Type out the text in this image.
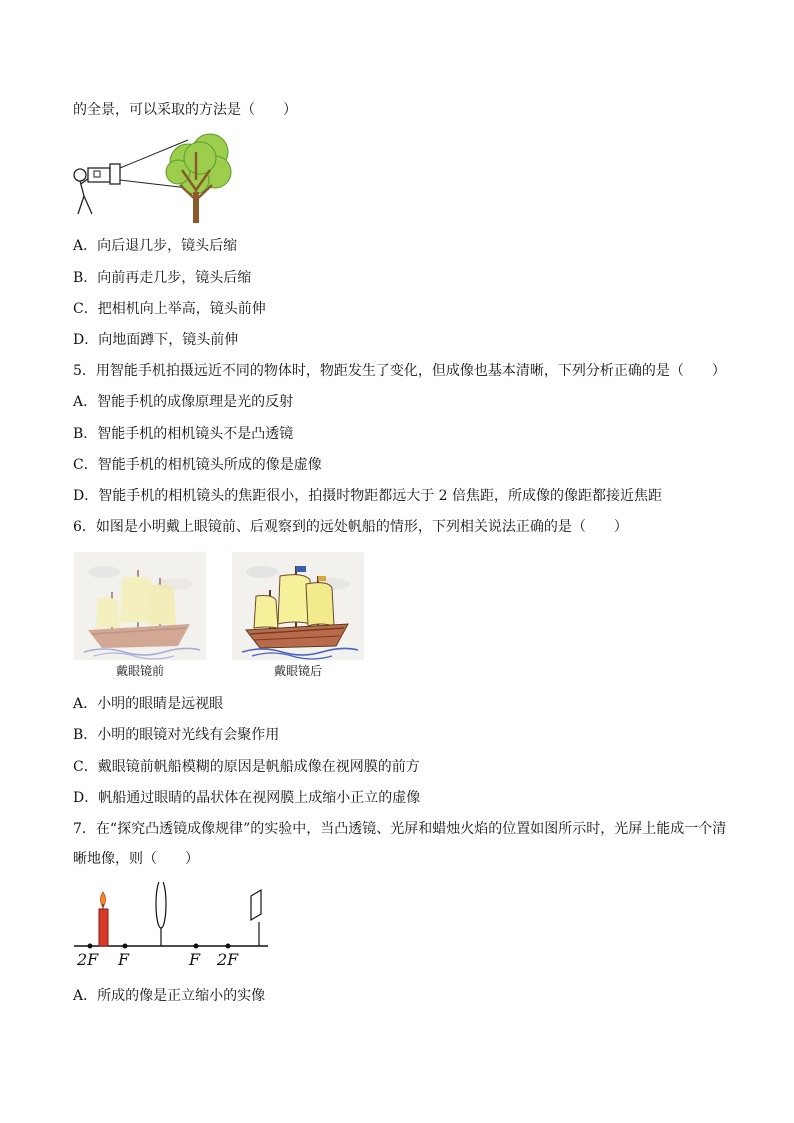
的全景，可以采取的方法是（　　）
A．向后退几步，镜头后缩
B．向前再走几步，镜头后缩
C．把相机向上举高，镜头前伸
D．向地面蹲下，镜头前伸
5．用智能手机拍摄远近不同的物体时，物距发生了变化，但成像也基本清晰，下列分析正确的是（　　）
A．智能手机的成像原理是光的反射
B．智能手机的相机镜头不是凸透镜
C．智能手机的相机镜头所成的像是虚像
D．智能手机的相机镜头的焦距很小，拍摄时物距都远大于 2 倍焦距，所成像的像距都接近焦距
6．如图是小明戴上眼镜前、后观察到的远处帆船的情形，下列相关说法正确的是（　　）
戴眼镜前	戴眼镜后
A．小明的眼睛是远视眼
B．小明的眼镜对光线有会聚作用
C．戴眼镜前帆船模糊的原因是帆船成像在视网膜的前方
D．帆船通过眼睛的晶状体在视网膜上成缩小正立的虚像
7．在“探究凸透镜成像规律”的实验中，当凸透镜、光屏和蜡烛火焰的位置如图所示时，光屏上能成一个清
晰地像，则（　　）
2F F	F 2F
A．所成的像是正立缩小的实像
